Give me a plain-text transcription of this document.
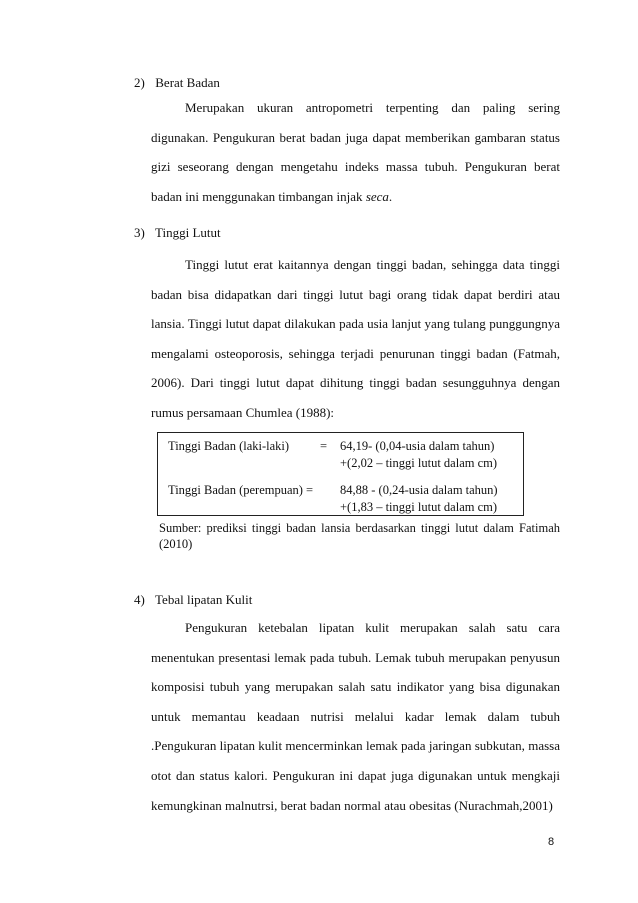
2) Berat Badan

Merupakan ukuran antropometri terpenting dan paling sering digunakan. Pengukuran berat badan juga dapat memberikan gambaran status gizi seseorang dengan mengetahu indeks massa tubuh. Pengukuran berat badan ini menggunakan timbangan injak seca.

3) Tinggi Lutut

Tinggi lutut erat kaitannya dengan tinggi badan, sehingga data tinggi badan bisa didapatkan dari tinggi lutut bagi orang tidak dapat berdiri atau lansia. Tinggi lutut dapat dilakukan pada usia lanjut yang tulang punggungnya mengalami osteoporosis, sehingga terjadi penurunan tinggi badan (Fatmah, 2006). Dari tinggi lutut dapat dihitung tinggi badan sesungguhnya dengan rumus persamaan Chumlea (1988):

Tinggi Badan (laki-laki) = 64,19- (0,04-usia dalam tahun)
+(2,02 – tinggi lutut dalam cm)
Tinggi Badan (perempuan) =	84,88 - (0,24-usia dalam tahun)
+(1,83 – tinggi lutut dalam cm)

Sumber: prediksi tinggi badan lansia berdasarkan tinggi lutut dalam Fatimah (2010)

4) Tebal lipatan Kulit

Pengukuran ketebalan lipatan kulit merupakan salah satu cara menentukan presentasi lemak pada tubuh. Lemak tubuh merupakan penyusun komposisi tubuh yang merupakan salah satu indikator yang bisa digunakan untuk memantau keadaan nutrisi melalui kadar lemak dalam tubuh .Pengukuran lipatan kulit mencerminkan lemak pada jaringan subkutan, massa otot dan status kalori. Pengukuran ini dapat juga digunakan untuk mengkaji kemungkinan malnutrsi, berat badan normal atau obesitas (Nurachmah,2001)

8
